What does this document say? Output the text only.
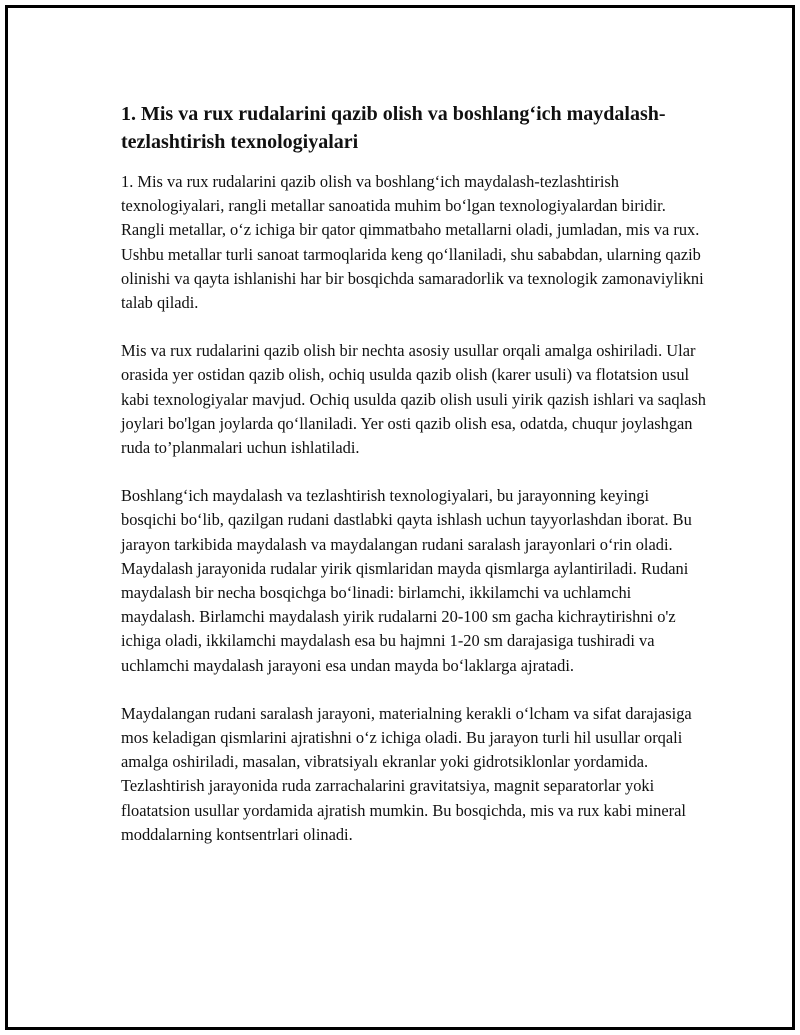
1. Mis va rux rudalarini qazib olish va boshlang‘ich maydalash-tezlashtirish texnologiyalari

1. Mis va rux rudalarini qazib olish va boshlang‘ich maydalash-tezlashtirish texnologiyalari, rangli metallar sanoatida muhim bo‘lgan texnologiyalardan biridir. Rangli metallar, o‘z ichiga bir qator qimmatbaho metallarni oladi, jumladan, mis va rux. Ushbu metallar turli sanoat tarmoqlarida keng qo‘llaniladi, shu sababdan, ularning qazib olinishi va qayta ishlanishi har bir bosqichda samaradorlik va texnologik zamonaviylikni talab qiladi.

Mis va rux rudalarini qazib olish bir nechta asosiy usullar orqali amalga oshiriladi. Ular orasida yer ostidan qazib olish, ochiq usulda qazib olish (karer usuli) va flotatsion usul kabi texnologiyalar mavjud. Ochiq usulda qazib olish usuli yirik qazish ishlari va saqlash joylari bo'lgan joylarda qo‘llaniladi. Yer osti qazib olish esa, odatda, chuqur joylashgan ruda to’planmalari uchun ishlatiladi.

Boshlang‘ich maydalash va tezlashtirish texnologiyalari, bu jarayonning keyingi bosqichi bo‘lib, qazilgan rudani dastlabki qayta ishlash uchun tayyorlashdan iborat. Bu jarayon tarkibida maydalash va maydalangan rudani saralash jarayonlari o‘rin oladi. Maydalash jarayonida rudalar yirik qismlaridan mayda qismlarga aylantiriladi. Rudani maydalash bir necha bosqichga bo‘linadi: birlamchi, ikkilamchi va uchlamchi maydalash. Birlamchi maydalash yirik rudalarni 20-100 sm gacha kichraytirishni o'z ichiga oladi, ikkilamchi maydalash esa bu hajmni 1-20 sm darajasiga tushiradi va uchlamchi maydalash jarayoni esa undan mayda bo‘laklarga ajratadi.

Maydalangan rudani saralash jarayoni, materialning kerakli o‘lcham va sifat darajasiga mos keladigan qismlarini ajratishni o‘z ichiga oladi. Bu jarayon turli hil usullar orqali amalga oshiriladi, masalan, vibratsiyalı ekranlar yoki gidrotsiklonlar yordamida. Tezlashtirish jarayonida ruda zarrachalarini gravitatsiya, magnit separatorlar yoki floatatsion usullar yordamida ajratish mumkin. Bu bosqichda, mis va rux kabi mineral moddalarning kontsentrlari olinadi.
